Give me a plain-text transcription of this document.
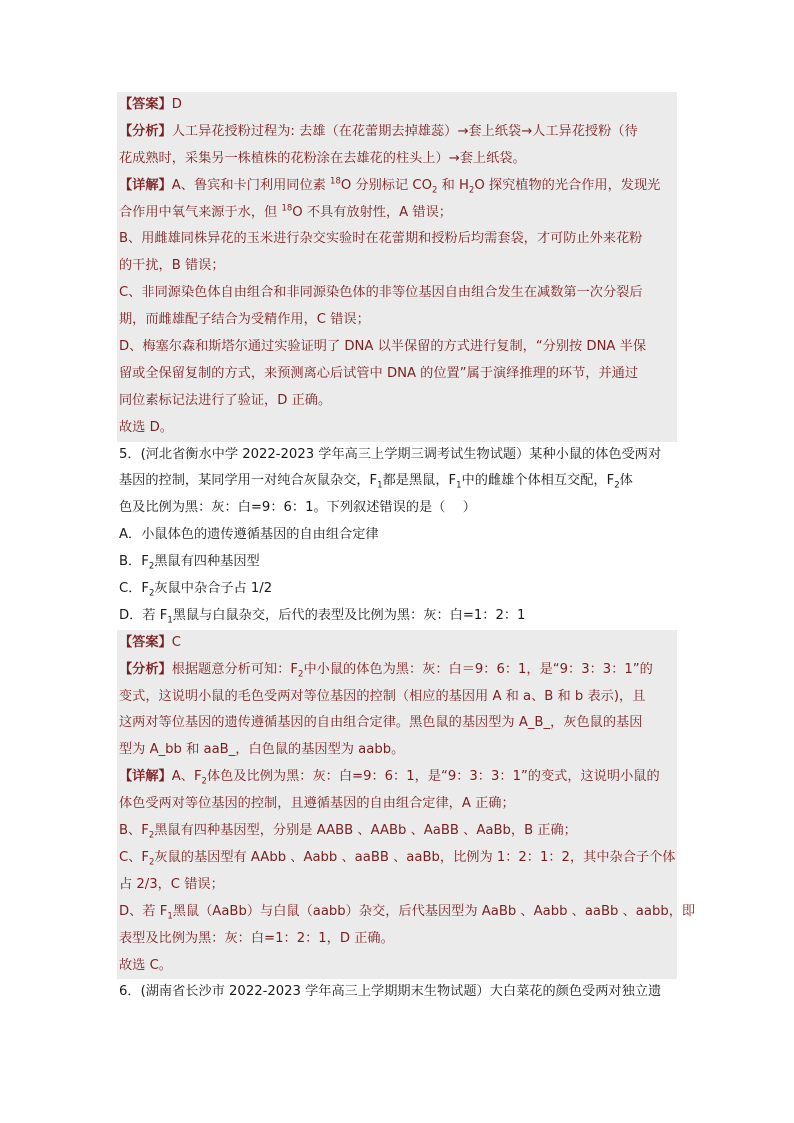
【答案】D
【分析】人工异花授粉过程为: 去雄（在花蕾期去掉雄蕊）→套上纸袋→人工异花授粉（待
花成熟时，采集另一株植株的花粉涂在去雄花的柱头上）→套上纸袋。
【详解】A、鲁宾和卡门利用同位素 $^{18}$O 分别标记 $CO_2$ 和 $H_2O$ 探究植物的光合作用，发现光
合作用中氧气来源于水，但 $^{18}$O 不具有放射性，A 错误；
B、用雌雄同株异花的玉米进行杂交实验时在花蕾期和授粉后均需套袋，才可防止外来花粉
的干扰，B 错误；
C、非同源染色体自由组合和非同源染色体的非等位基因自由组合发生在减数第一次分裂后
期，而雌雄配子结合为受精作用，C 错误；
D、梅塞尔森和斯塔尔通过实验证明了 DNA 以半保留的方式进行复制，“分别按 DNA 半保
留或全保留复制的方式，来预测离心后试管中 DNA 的位置”属于演绎推理的环节，并通过
同位素标记法进行了验证，D 正确。
故选 D。
5．(河北省衡水中学 2022-2023 学年高三上学期三调考试生物试题）某种小鼠的体色受两对
基因的控制，某同学用一对纯合灰鼠杂交，$F_1$都是黑鼠，$F_1$中的雌雄个体相互交配，$F_2$体
色及比例为黑：灰：白=9：6：1。下列叙述错误的是（　 ）
A．小鼠体色的遗传遵循基因的自由组合定律
B．$F_2$黑鼠有四种基因型
C．$F_2$灰鼠中杂合子占 1/2
D．若 $F_1$黑鼠与白鼠杂交，后代的表型及比例为黑：灰：白=1：2：1
【答案】C
【分析】根据题意分析可知：$F_2$中小鼠的体色为黑：灰：白＝9：6：1，是“9：3：3：1”的
变式，这说明小鼠的毛色受两对等位基因的控制（相应的基因用 A 和 a、B 和 b 表示)，且
这两对等位基因的遗传遵循基因的自由组合定律。黑色鼠的基因型为 A_B_，灰色鼠的基因
型为 A_bb 和 aaB_，白色鼠的基因型为 aabb。
【详解】A、$F_2$体色及比例为黑：灰：白=9：6：1，是“9：3：3：1”的变式，这说明小鼠的
体色受两对等位基因的控制，且遵循基因的自由组合定律，A 正确；
B、$F_2$黑鼠有四种基因型，分别是 AABB 、AABb 、AaBB 、AaBb，B 正确；
C、$F_2$灰鼠的基因型有 AAbb 、Aabb 、aaBB 、aaBb，比例为 1：2：1：2，其中杂合子个体
占 2/3，C 错误；
D、若 $F_1$黑鼠（AaBb）与白鼠（aabb）杂交，后代基因型为 AaBb 、Aabb 、aaBb 、aabb，即
表型及比例为黑：灰：白=1：2：1，D 正确。
故选 C。
6．(湖南省长沙市 2022-2023 学年高三上学期期末生物试题）大白菜花的颜色受两对独立遗
